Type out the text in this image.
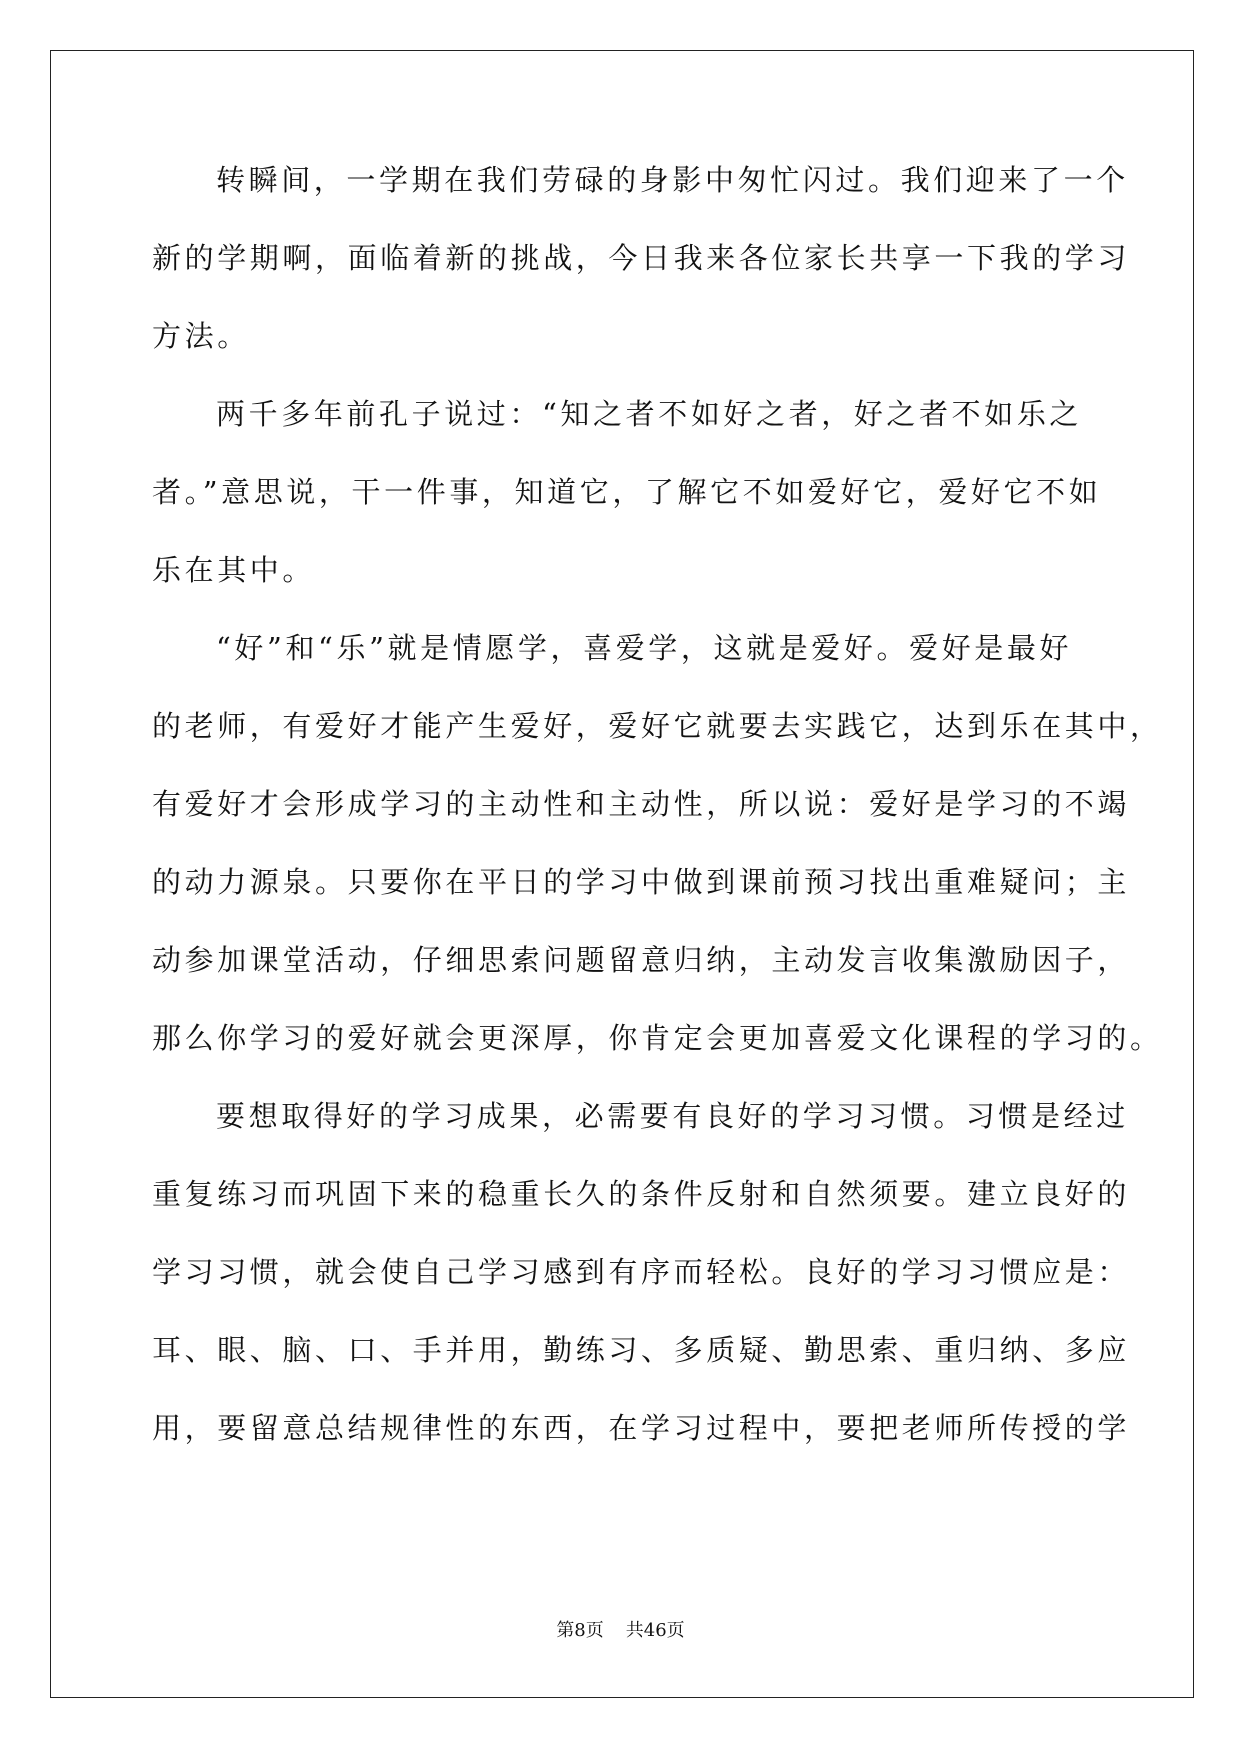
转瞬间，一学期在我们劳碌的身影中匆忙闪过。我们迎来了一个
新的学期啊，面临着新的挑战，今日我来各位家长共享一下我的学习
方法。
两千多年前孔子说过：“知之者不如好之者，好之者不如乐之
者。”意思说，干一件事，知道它，了解它不如爱好它，爱好它不如
乐在其中。
“好”和“乐”就是情愿学，喜爱学，这就是爱好。爱好是最好
的老师，有爱好才能产生爱好，爱好它就要去实践它，达到乐在其中，
有爱好才会形成学习的主动性和主动性，所以说：爱好是学习的不竭
的动力源泉。只要你在平日的学习中做到课前预习找出重难疑问；主
动参加课堂活动，仔细思索问题留意归纳，主动发言收集激励因子，
那么你学习的爱好就会更深厚，你肯定会更加喜爱文化课程的学习的。
要想取得好的学习成果，必需要有良好的学习习惯。习惯是经过
重复练习而巩固下来的稳重长久的条件反射和自然须要。建立良好的
学习习惯，就会使自己学习感到有序而轻松。良好的学习习惯应是：
耳、眼、脑、口、手并用，勤练习、多质疑、勤思索、重归纳、多应
用，要留意总结规律性的东西，在学习过程中，要把老师所传授的学
第8页 共46页
